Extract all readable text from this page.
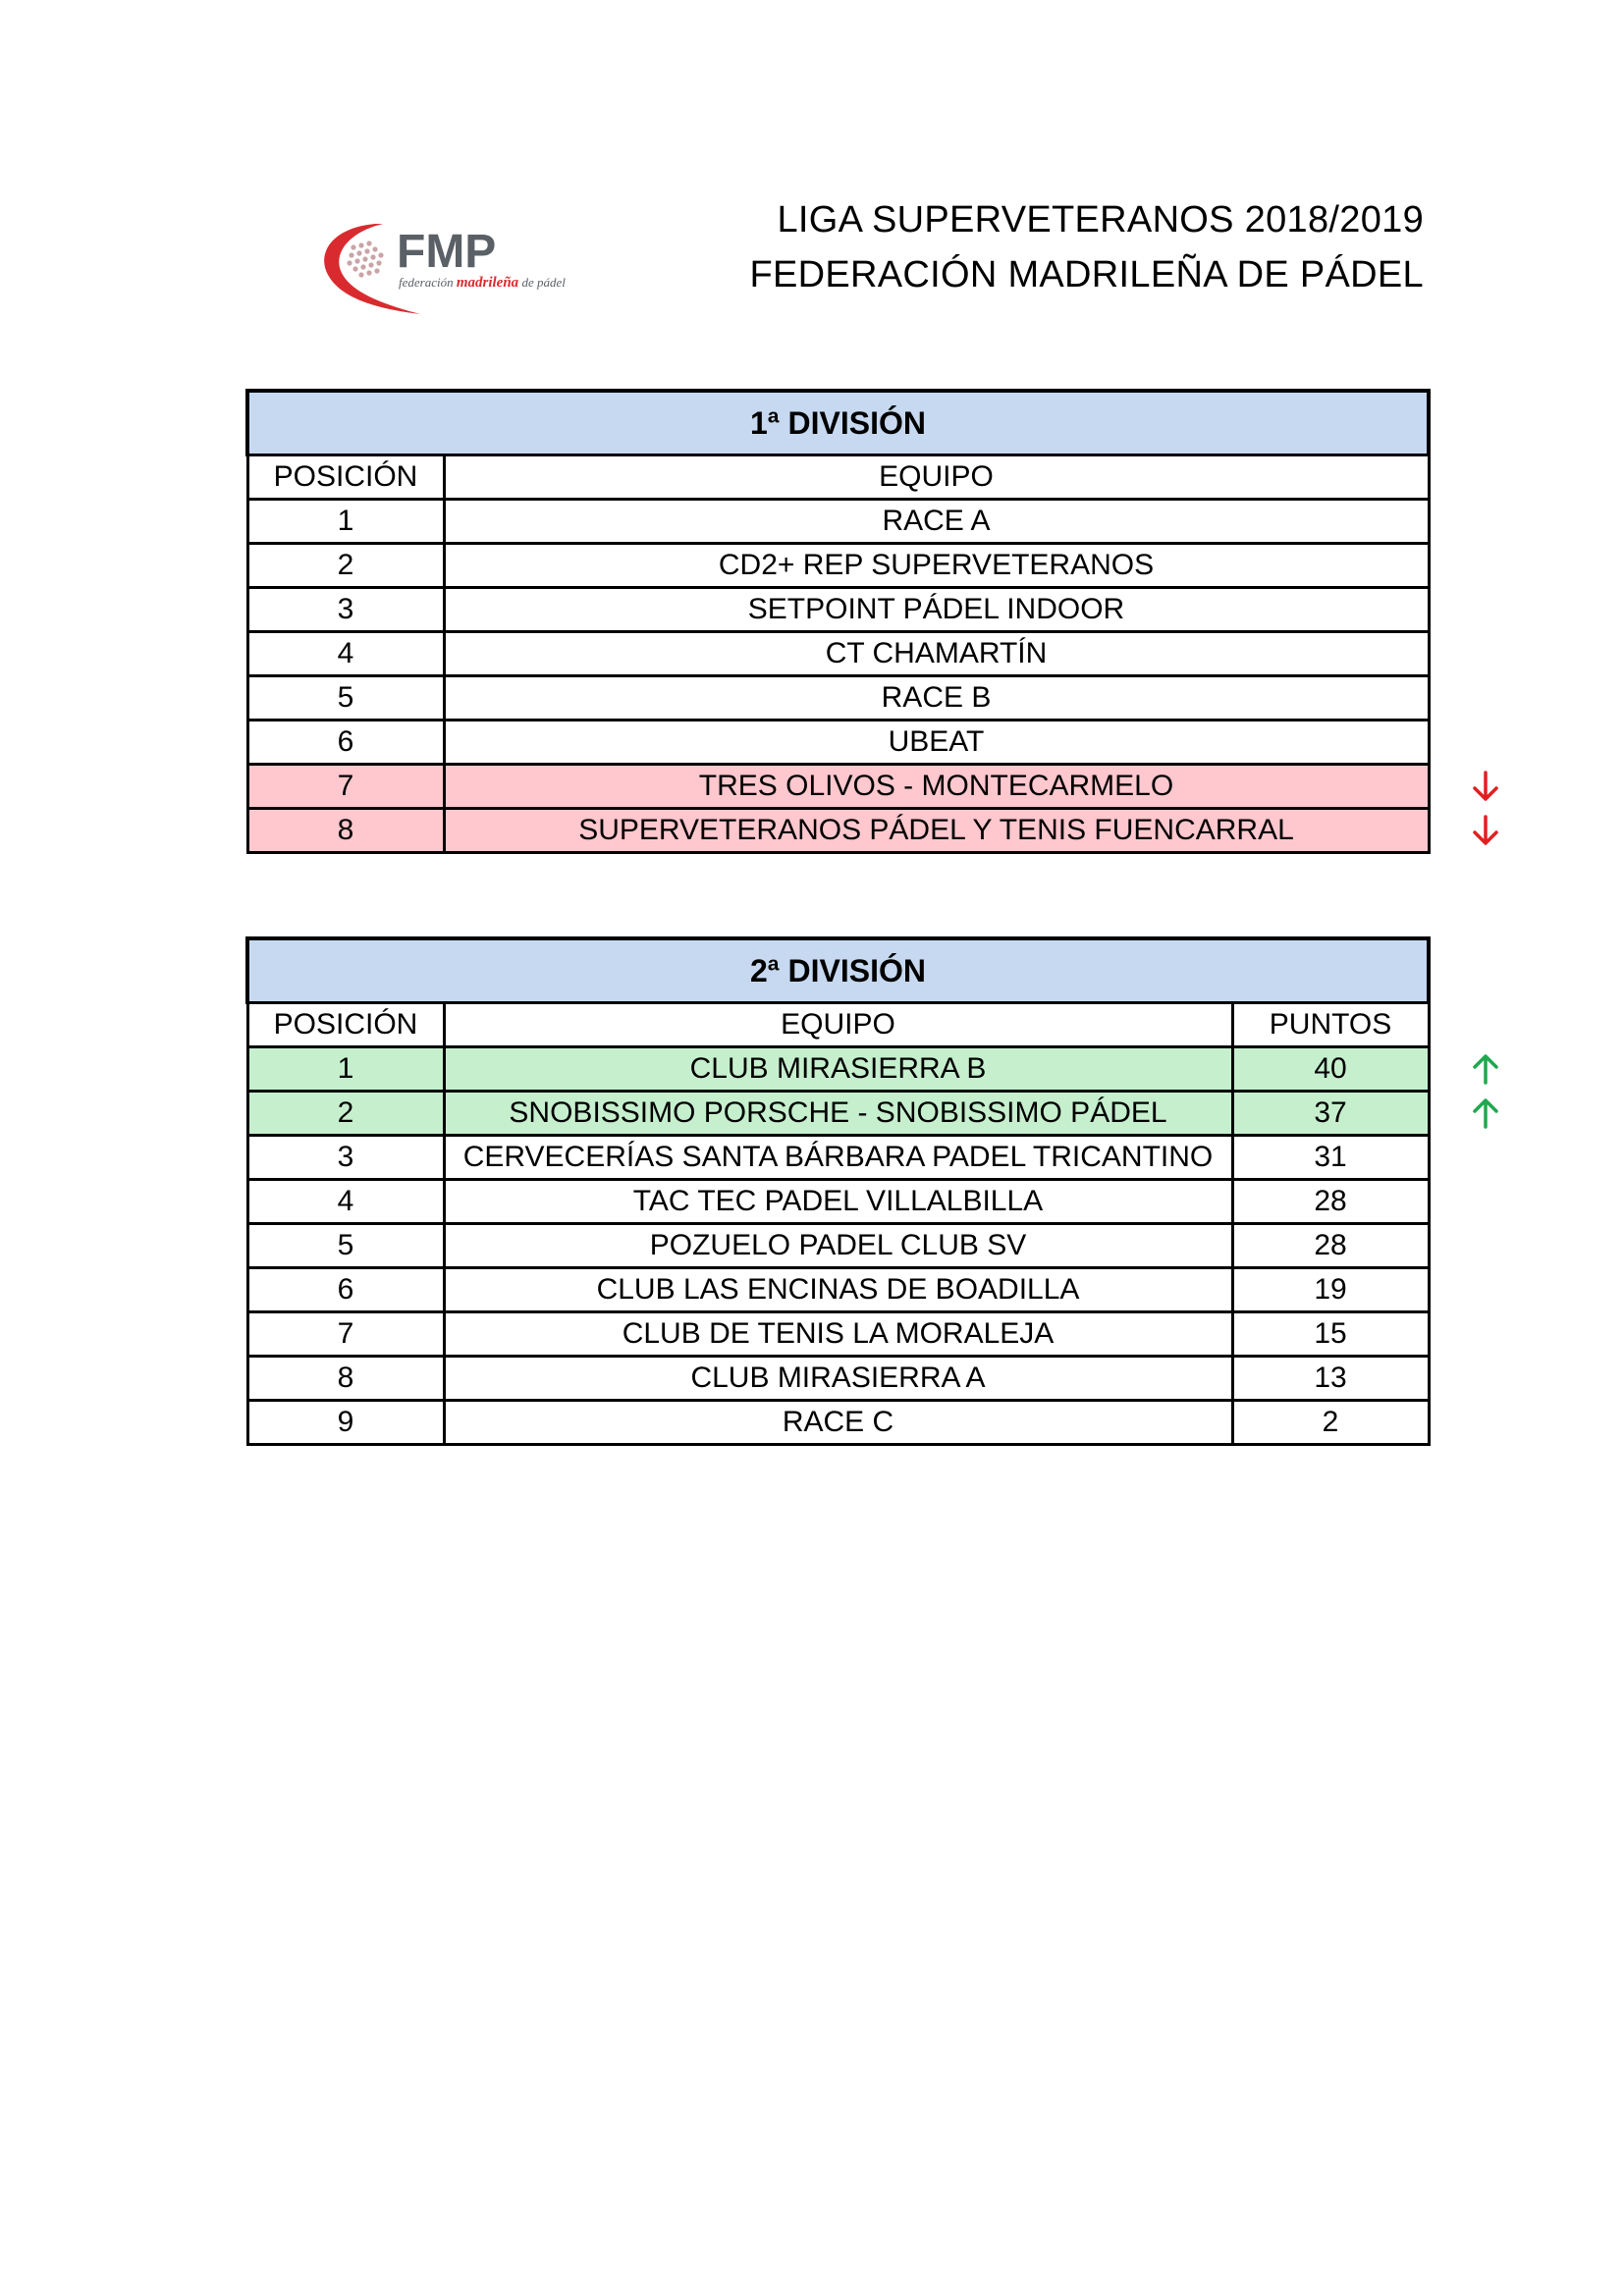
FMP
federación madrileña de pádel
LIGA SUPERVETERANOS 2018/2019
FEDERACIÓN MADRILEÑA DE PÁDEL
1ª DIVISIÓN	
POSICIÓN	EQUIPO
1	RACE A
2	CD2+ REP SUPERVETERANOS
3	SETPOINT PÁDEL INDOOR
4	CT CHAMARTÍN
5	RACE B
6	UBEAT
7	TRES OLIVOS - MONTECARMELO
8	SUPERVETERANOS PÁDEL Y TENIS FUENCARRAL
2ª DIVISIÓN		
POSICIÓN	EQUIPO	PUNTOS
1	CLUB MIRASIERRA B	40
2	SNOBISSIMO PORSCHE - SNOBISSIMO PÁDEL	37
3	CERVECERÍAS SANTA BÁRBARA PADEL TRICANTINO	31
4	TAC TEC PADEL VILLALBILLA	28
5	POZUELO PADEL CLUB SV	28
6	CLUB LAS ENCINAS DE BOADILLA	19
7	CLUB DE TENIS LA MORALEJA	15
8	CLUB MIRASIERRA A	13
9	RACE C	2
